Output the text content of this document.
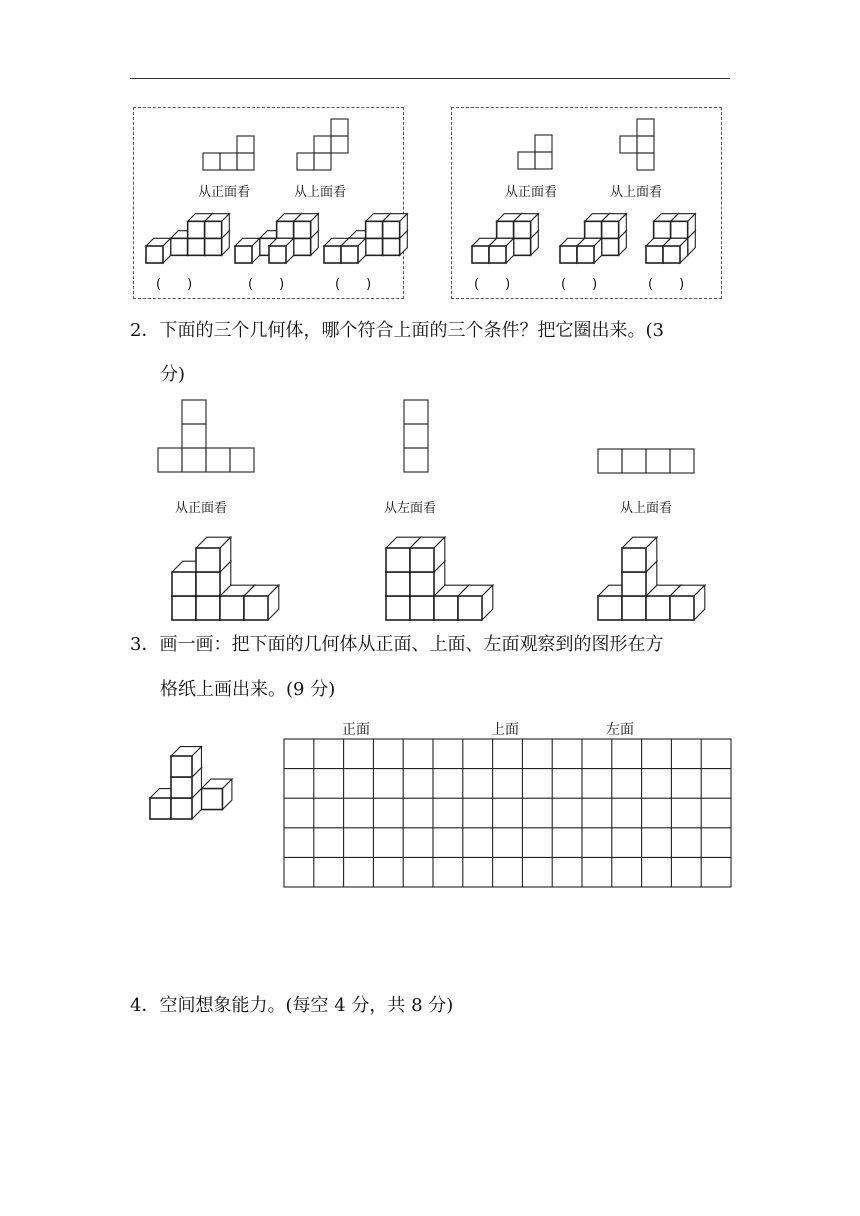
从正面看	从上面看
(　　)	(　　)	(　　)
从正面看	从上面看
(　　)	(　　)	(　　)
2．下面的三个几何体，哪个符合上面的三个条件？把它圈出来。(3
分)
从正面看	从左面看	从上面看
3．画一画：把下面的几何体从正面、上面、左面观察到的图形在方
格纸上画出来。(9 分)
正面	上面	左面
4．空间想象能力。(每空 4 分，共 8 分)
